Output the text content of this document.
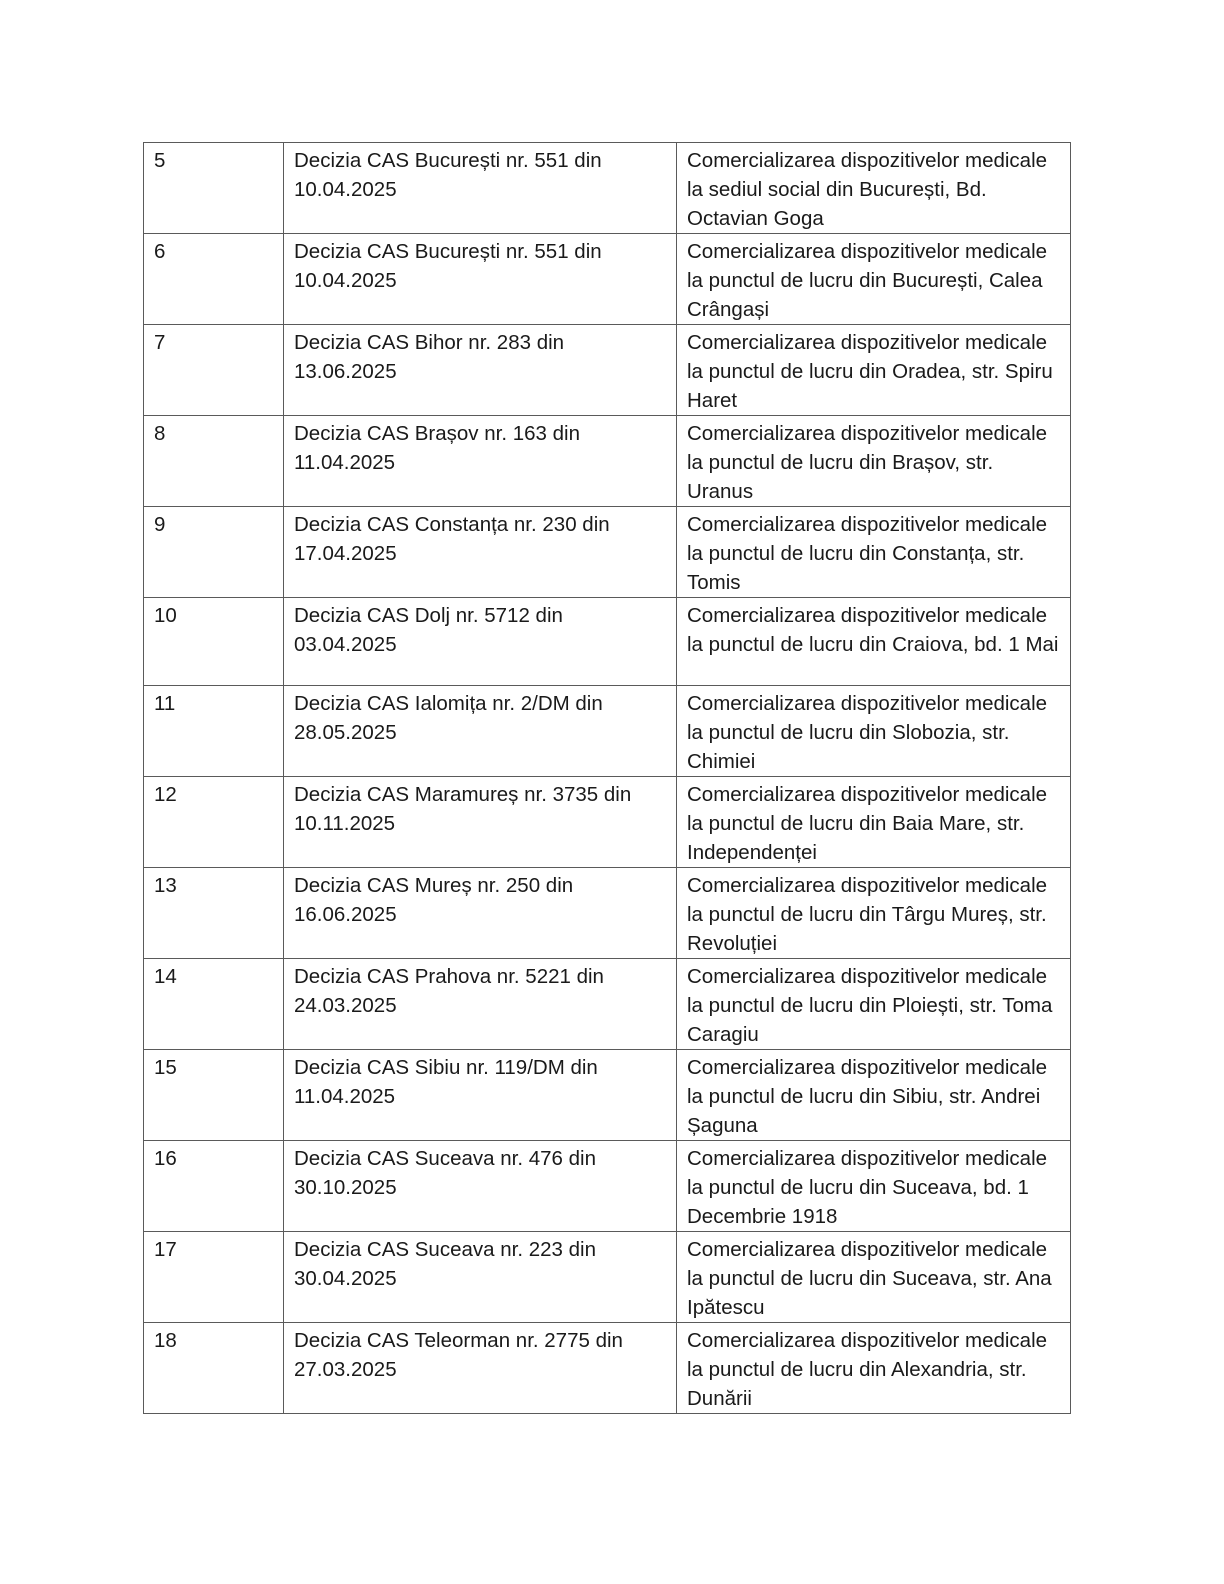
5	Decizia CAS București nr. 551 din 10.04.2025	Comercializarea dispozitivelor medicale la sediul social din București, Bd. Octavian Goga
6	Decizia CAS București nr. 551 din 10.04.2025	Comercializarea dispozitivelor medicale la punctul de lucru din București, Calea Crângași
7	Decizia CAS Bihor nr. 283 din 13.06.2025	Comercializarea dispozitivelor medicale la punctul de lucru din Oradea, str. Spiru Haret
8	Decizia CAS Brașov nr. 163 din 11.04.2025	Comercializarea dispozitivelor medicale la punctul de lucru din Brașov, str. Uranus
9	Decizia CAS Constanța nr. 230 din 17.04.2025	Comercializarea dispozitivelor medicale la punctul de lucru din Constanța, str. Tomis
10	Decizia CAS Dolj nr. 5712 din 03.04.2025	Comercializarea dispozitivelor medicale la punctul de lucru din Craiova, bd. 1 Mai
11	Decizia CAS Ialomița nr. 2/DM din 28.05.2025	Comercializarea dispozitivelor medicale la punctul de lucru din Slobozia, str. Chimiei
12	Decizia CAS Maramureș nr. 3735 din 10.11.2025	Comercializarea dispozitivelor medicale la punctul de lucru din Baia Mare, str. Independenței
13	Decizia CAS Mureș nr. 250 din 16.06.2025	Comercializarea dispozitivelor medicale la punctul de lucru din Târgu Mureș, str. Revoluției
14	Decizia CAS Prahova nr. 5221 din 24.03.2025	Comercializarea dispozitivelor medicale la punctul de lucru din Ploiești, str. Toma Caragiu
15	Decizia CAS Sibiu nr. 119/DM din 11.04.2025	Comercializarea dispozitivelor medicale la punctul de lucru din Sibiu, str. Andrei Șaguna
16	Decizia CAS Suceava nr. 476 din 30.10.2025	Comercializarea dispozitivelor medicale la punctul de lucru din Suceava, bd. 1 Decembrie 1918
17	Decizia CAS Suceava nr. 223 din 30.04.2025	Comercializarea dispozitivelor medicale la punctul de lucru din Suceava, str. Ana Ipătescu
18	Decizia CAS Teleorman nr. 2775 din 27.03.2025	Comercializarea dispozitivelor medicale la punctul de lucru din Alexandria, str. Dunării
